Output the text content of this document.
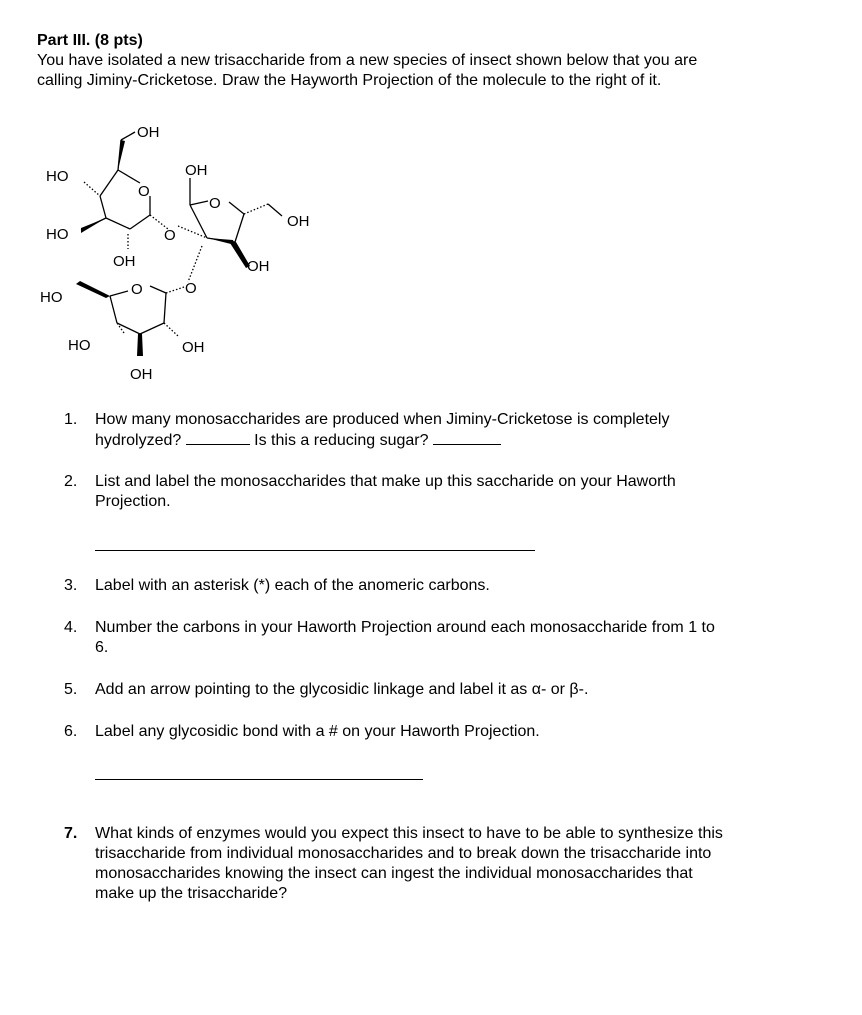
Part III. (8 pts)
You have isolated a new trisaccharide from a new species of insect shown below that you are
calling Jiminy-Cricketose. Draw the Hayworth Projection of the molecule to the right of it.
OH
HO
HO
O
OH
O
O
OH
OH	OH
HO	O	O
HO	OH
OH
1.	How many monosaccharides are produced when Jiminy-Cricketose is completely
hydrolyzed?	Is this a reducing sugar?
2.	List and label the monosaccharides that make up this saccharide on your Haworth
Projection.
3.	Label with an asterisk (*) each of the anomeric carbons.
4.	Number the carbons in your Haworth Projection around each monosaccharide from 1 to
6.
5.	Add an arrow pointing to the glycosidic linkage and label it as α- or β-.
6.	Label any glycosidic bond with a # on your Haworth Projection.
7.	What kinds of enzymes would you expect this insect to have to be able to synthesize this
trisaccharide from individual monosaccharides and to break down the trisaccharide into
monosaccharides knowing the insect can ingest the individual monosaccharides that
make up the trisaccharide?
